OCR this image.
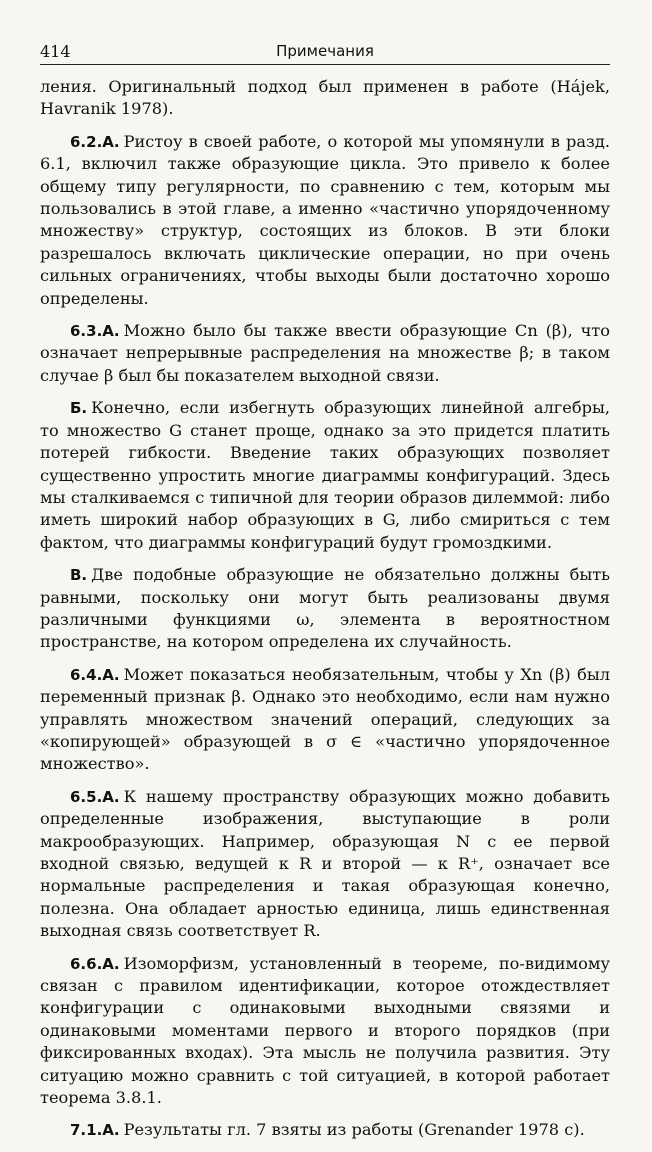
414	Примечания

ления. Оригинальный подход был применен в работе (Hájek, Havranik 1978).

6.2.А. Ристоу в своей работе, о которой мы упомянули в разд. 6.1, включил также образующие цикла. Это привело к более общему типу регулярности, по сравнению с тем, которым мы пользовались в этой главе, а именно «частично упорядоченному множеству» структур, состоящих из блоков. В эти блоки разрешалось включать циклические операции, но при очень сильных ограничениях, чтобы выходы были достаточно хорошо определены.

6.3.А. Можно было бы также ввести образующие Cn (β), что означает непрерывные распределения на множестве β; в таком случае β был бы показателем выходной связи.

Б. Конечно, если избегнуть образующих линейной алгебры, то множество G станет проще, однако за это придется платить потерей гибкости. Введение таких образующих позволяет существенно упростить многие диаграммы конфигураций. Здесь мы сталкиваемся с типичной для теории образов дилеммой: либо иметь широкий набор образующих в G, либо смириться с тем фактом, что диаграммы конфигураций будут громоздкими.

В. Две подобные образующие не обязательно должны быть равными, поскольку они могут быть реализованы двумя различными функциями ω, элемента в вероятностном пространстве, на котором определена их случайность.

6.4.А. Может показаться необязательным, чтобы у Xn (β) был переменный признак β. Однако это необходимо, если нам нужно управлять множеством значений операций, следующих за «копирующей» образующей в σ ∈ «частично упорядоченное множество».

6.5.А. К нашему пространству образующих можно добавить определенные изображения, выступающие в роли макрообразующих. Например, образующая N с ее первой входной связью, ведущей к R и второй — к R⁺, означает все нормальные распределения и такая образующая конечно, полезна. Она обладает арностью единица, лишь единственная выходная связь соответствует R.

6.6.А. Изоморфизм, установленный в теореме, по-видимому связан с правилом идентификации, которое отождествляет конфигурации с одинаковыми выходными связями и одинаковыми моментами первого и второго порядков (при фиксированных входах). Эта мысль не получила развития. Эту ситуацию можно сравнить с той ситуацией, в которой работает теорема 3.8.1.

7.1.А. Результаты гл. 7 взяты из работы (Grenander 1978 с).
